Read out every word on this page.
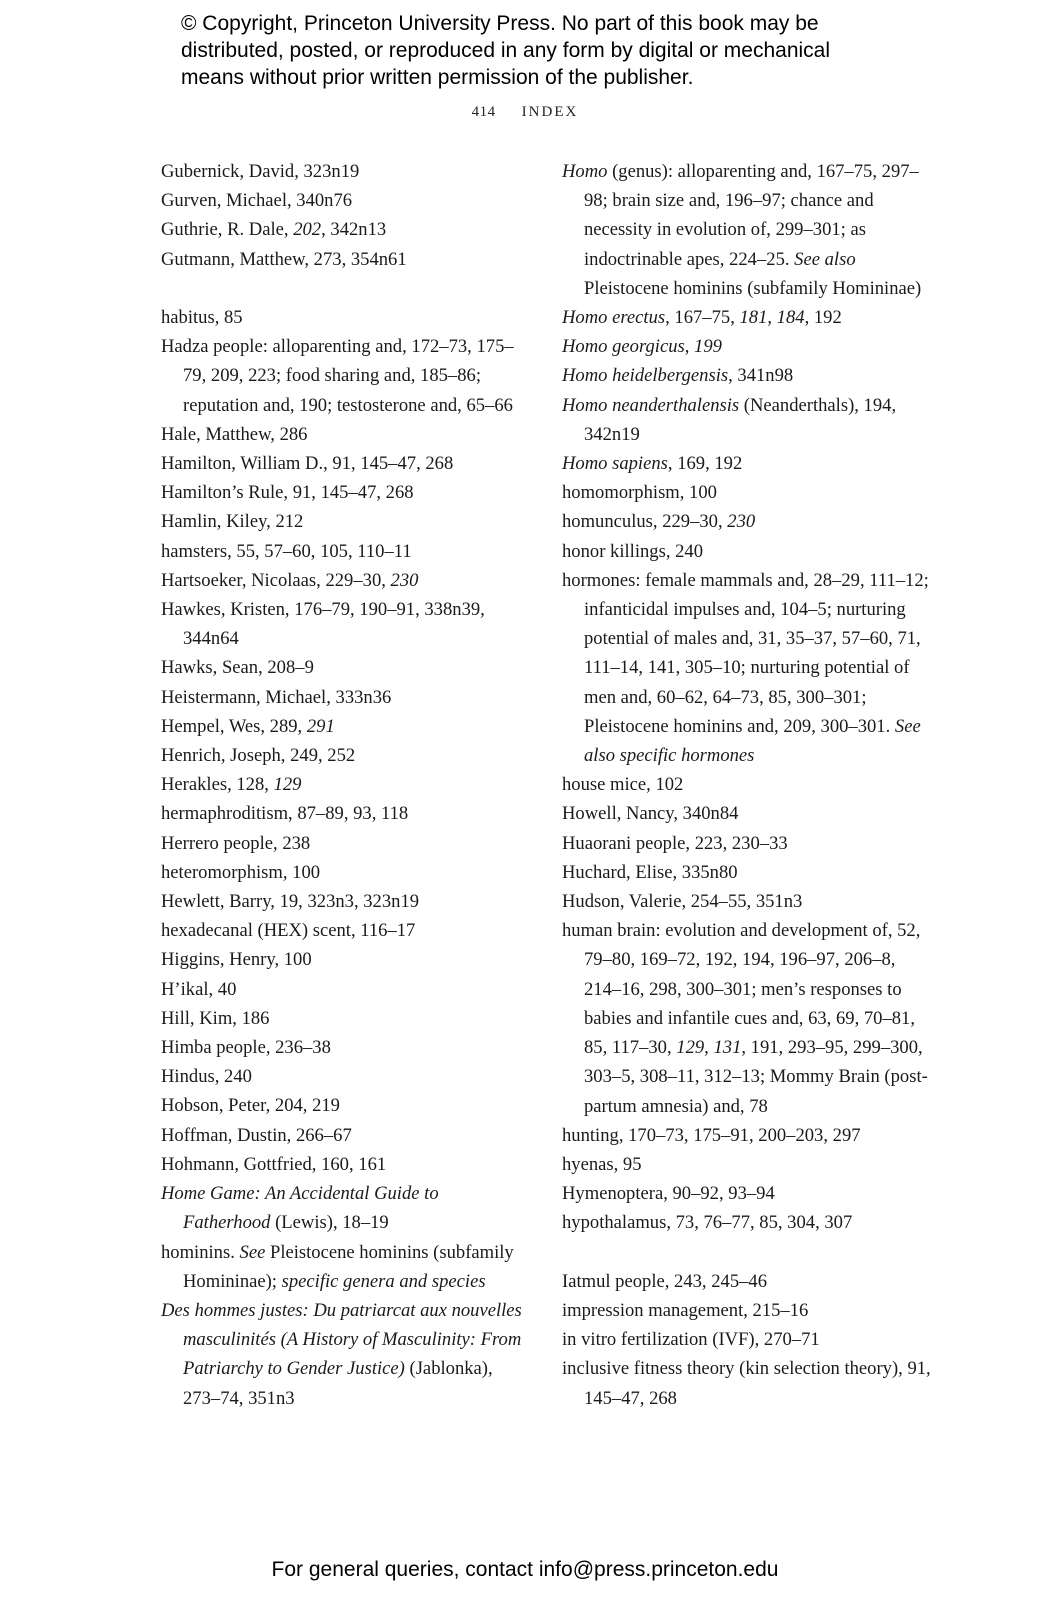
© Copyright, Princeton University Press. No part of this book may be
distributed, posted, or reproduced in any form by digital or mechanical
means without prior written permission of the publisher.
414 INDEX
Gubernick, David, 323n19
Gurven, Michael, 340n76
Guthrie, R. Dale, 202, 342n13
Gutmann, Matthew, 273, 354n61
habitus, 85
Hadza people: alloparenting and, 172–73, 175–79, 209, 223; food sharing and, 185–86; reputation and, 190; testosterone and, 65–66
Hale, Matthew, 286
Hamilton, William D., 91, 145–47, 268
Hamilton’s Rule, 91, 145–47, 268
Hamlin, Kiley, 212
hamsters, 55, 57–60, 105, 110–11
Hartsoeker, Nicolaas, 229–30, 230
Hawkes, Kristen, 176–79, 190–91, 338n39, 344n64
Hawks, Sean, 208–9
Heistermann, Michael, 333n36
Hempel, Wes, 289, 291
Henrich, Joseph, 249, 252
Herakles, 128, 129
hermaphroditism, 87–89, 93, 118
Herrero people, 238
heteromorphism, 100
Hewlett, Barry, 19, 323n3, 323n19
hexadecanal (HEX) scent, 116–17
Higgins, Henry, 100
H’ikal, 40
Hill, Kim, 186
Himba people, 236–38
Hindus, 240
Hobson, Peter, 204, 219
Hoffman, Dustin, 266–67
Hohmann, Gottfried, 160, 161
Home Game: An Accidental Guide to Fatherhood (Lewis), 18–19
hominins. See Pleistocene hominins (subfamily Homininae); specific genera and species
Des hommes justes: Du patriarcat aux nouvelles masculinités (A History of Masculinity: From Patriarchy to Gender Justice) (Jablonka), 273–74, 351n3
Homo (genus): alloparenting and, 167–75, 297–98; brain size and, 196–97; chance and necessity in evolution of, 299–301; as indoctrinable apes, 224–25. See also Pleistocene hominins (subfamily Homininae)
Homo erectus, 167–75, 181, 184, 192
Homo georgicus, 199
Homo heidelbergensis, 341n98
Homo neanderthalensis (Neanderthals), 194, 342n19
Homo sapiens, 169, 192
homomorphism, 100
homunculus, 229–30, 230
honor killings, 240
hormones: female mammals and, 28–29, 111–12; infanticidal impulses and, 104–5; nurturing potential of males and, 31, 35–37, 57–60, 71, 111–14, 141, 305–10; nurturing potential of men and, 60–62, 64–73, 85, 300–301; Pleistocene hominins and, 209, 300–301. See also specific hormones
house mice, 102
Howell, Nancy, 340n84
Huaorani people, 223, 230–33
Huchard, Elise, 335n80
Hudson, Valerie, 254–55, 351n3
human brain: evolution and development of, 52, 79–80, 169–72, 192, 194, 196–97, 206–8, 214–16, 298, 300–301; men’s responses to babies and infantile cues and, 63, 69, 70–81, 85, 117–30, 129, 131, 191, 293–95, 299–300, 303–5, 308–11, 312–13; Mommy Brain (post-partum amnesia) and, 78
hunting, 170–73, 175–91, 200–203, 297
hyenas, 95
Hymenoptera, 90–92, 93–94
hypothalamus, 73, 76–77, 85, 304, 307
Iatmul people, 243, 245–46
impression management, 215–16
in vitro fertilization (IVF), 270–71
inclusive fitness theory (kin selection theory), 91, 145–47, 268
For general queries, contact info@press.princeton.edu
